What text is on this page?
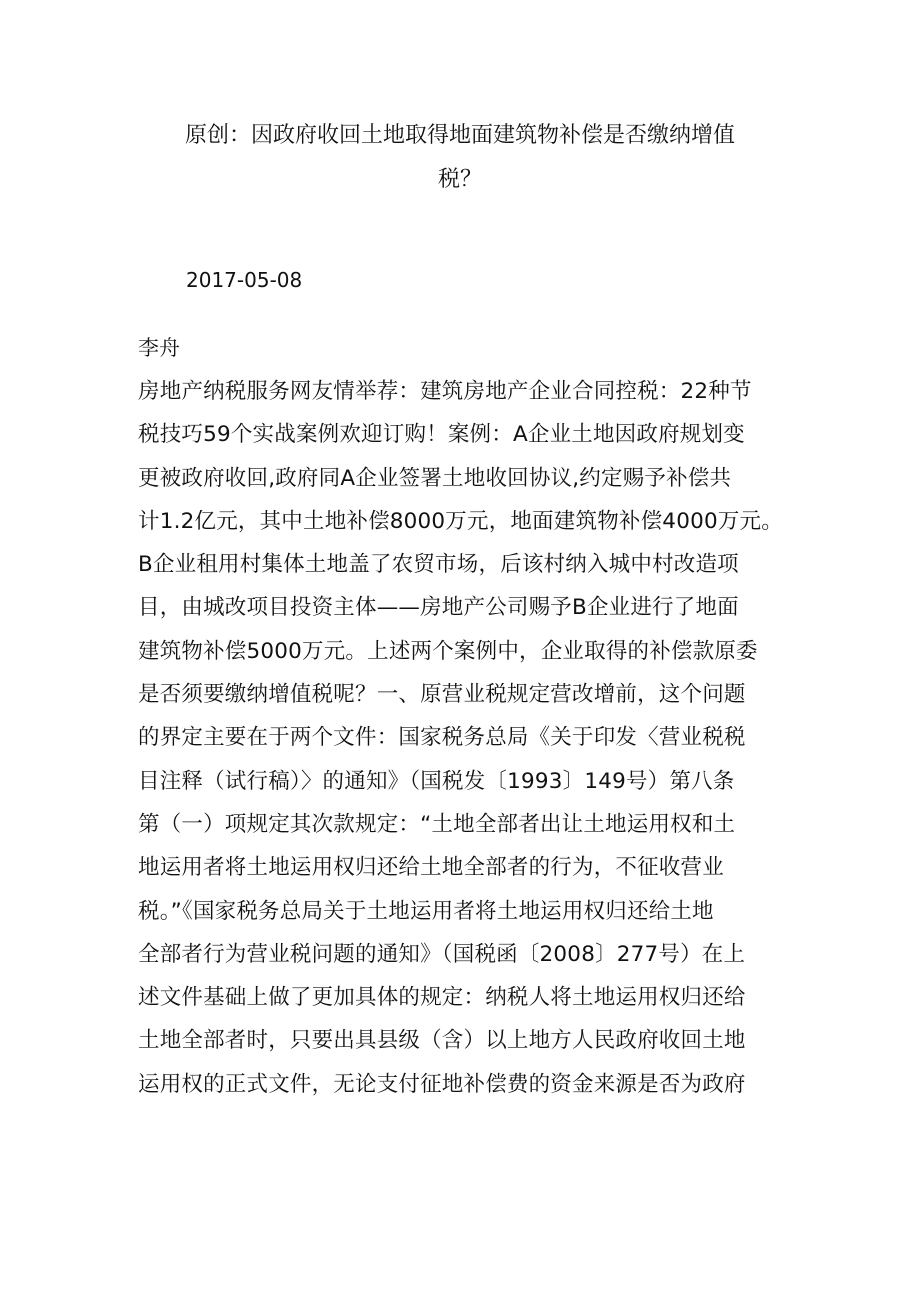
原创：因政府收回土地取得地面建筑物补偿是否缴纳增值
税？
2017-05-08
李舟
房地产纳税服务网友情举荐：建筑房地产企业合同控税：22种节
税技巧59个实战案例欢迎订购！案例：A企业土地因政府规划变
更被政府收回,政府同A企业签署土地收回协议,约定赐予补偿共
计1.2亿元，其中土地补偿8000万元，地面建筑物补偿4000万元。
B企业租用村集体土地盖了农贸市场，后该村纳入城中村改造项
目，由城改项目投资主体——房地产公司赐予B企业进行了地面
建筑物补偿5000万元。上述两个案例中，企业取得的补偿款原委
是否须要缴纳增值税呢？一、原营业税规定营改增前，这个问题
的界定主要在于两个文件：国家税务总局《关于印发〈营业税税
目注释（试行稿）〉的通知》（国税发〔1993〕149号）第八条
第（一）项规定其次款规定：“土地全部者出让土地运用权和土
地运用者将土地运用权归还给土地全部者的行为，不征收营业
税。”《国家税务总局关于土地运用者将土地运用权归还给土地
全部者行为营业税问题的通知》（国税函〔2008〕277号）在上
述文件基础上做了更加具体的规定：纳税人将土地运用权归还给
土地全部者时，只要出具县级（含）以上地方人民政府收回土地
运用权的正式文件，无论支付征地补偿费的资金来源是否为政府
